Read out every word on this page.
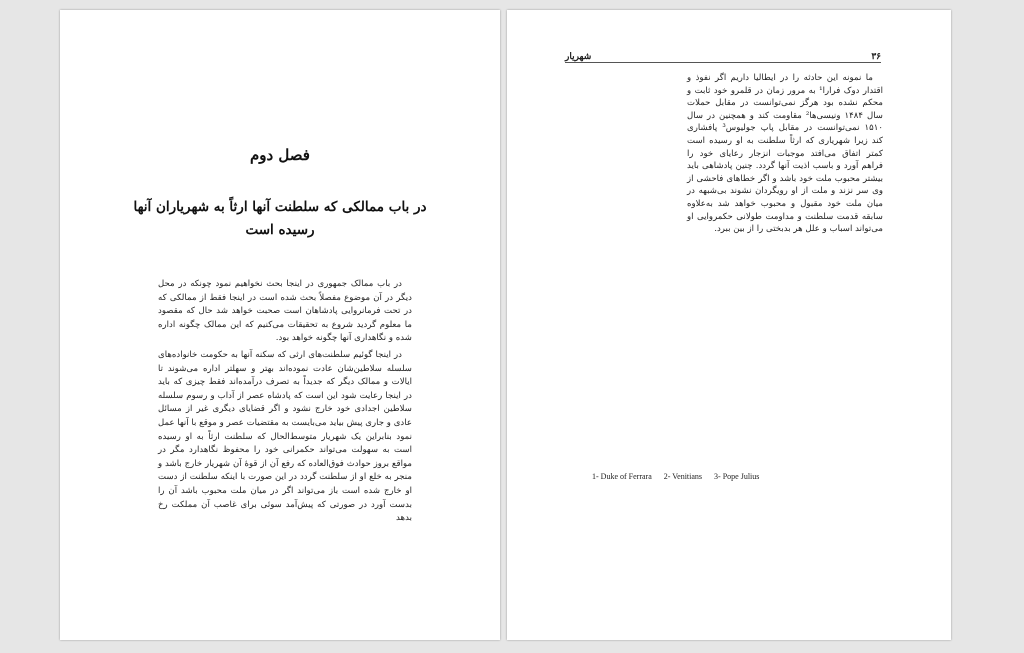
فصل دوم
در باب ممالکی که سلطنت آنها ارثاً به شهریاران آنها رسیده است

در باب ممالک جمهوری در اینجا بحث نخواهیم نمود چونکه در محل دیگر در آن موضوع مفصلاً بحث شده است در اینجا فقط از ممالکی که در تحت فرمانروایی پادشاهان است صحبت خواهد شد حال که مقصود ما معلوم گردید شروع به تحقیقات می‌کنیم که این ممالک چگونه اداره شده و نگاهداری آنها چگونه خواهد بود.

در اینجا گوئیم سلطنت‌های ارثی که سکنه آنها به حکومت خانواده‌های سلسله سلاطین‌شان عادت نموده‌اند بهتر و سهلتر اداره می‌شوند تا ایالات و ممالک دیگر که جدیداً به تصرف درآمده‌اند فقط چیزی که باید در اینجا رعایت شود این است که پادشاه عصر از آداب و رسوم سلسله سلاطین اجدادی خود خارج نشود و اگر قضایای دیگری غیر از مسائل عادی و جاری پیش بیاید می‌بایست به مقتضیات عصر و موقع با آنها عمل نمود بنابراین یک شهریار متوسط‌الحال که سلطنت ارثاً به او رسیده است به سهولت می‌تواند حکمرانی خود را محفوظ نگاهدارد مگر در مواقع بروز حوادث فوق‌العاده که رفع آن از قوهٔ آن شهریار خارج باشد و منجر به خلع او از سلطنت گردد در این صورت با اینکه سلطنت از دست او خارج شده است باز می‌تواند اگر در میان ملت محبوب باشد آن را بدست آورد در صورتی که پیش‌آمد سوئی برای غاصب آن مملکت رخ بدهد

شهریار	۳۶

ما نمونه این حادثه را در ایطالیا داریم اگر نفوذ و اقتدار دوک فرارا¹ به مرور زمان در قلمرو خود ثابت و محکم نشده بود هرگز نمی‌توانست در مقابل حملات سال ۱۴۸۴ ونیسی‌ها² مقاومت کند و همچنین در سال ۱۵۱۰ نمی‌توانست در مقابل پاپ جولیوس³ پافشاری کند زیرا شهریاری که ارثاً سلطنت به او رسیده است کمتر اتفاق می‌افتد موجبات انزجار رعایای خود را فراهم آورد و باسب اذیت آنها گردد. چنین پادشاهی باید بیشتر محبوب ملت خود باشد و اگر خطاهای فاحشی از وی سر نزند و ملت از او رویگردان نشوند بی‌شبهه در میان ملت خود مقبول و محبوب خواهد شد به‌علاوه سابقه قدمت سلطنت و مداومت طولانی حکمروایی او می‌تواند اسباب و علل هر بدبختی را از بین ببرد.

1- Duke of Ferrara 2- Venitians 3- Pope Julius
